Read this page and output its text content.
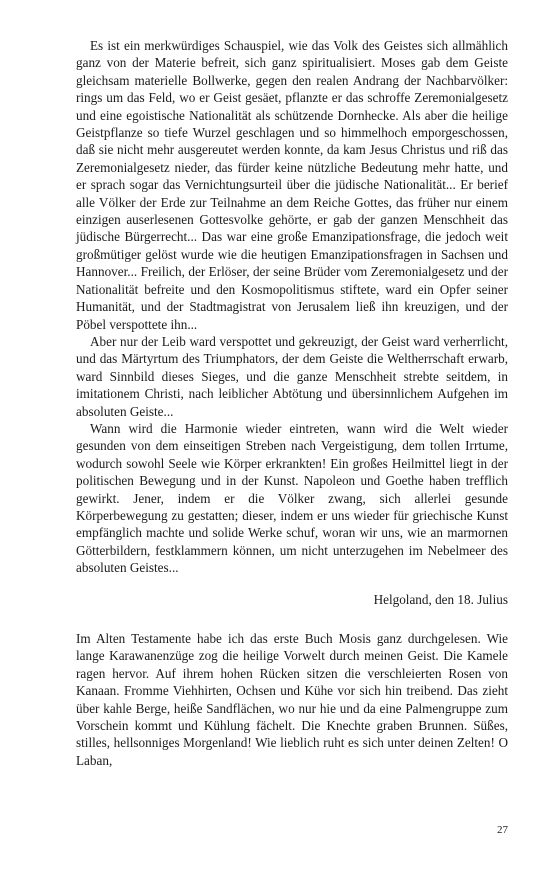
Es ist ein merkwürdiges Schauspiel, wie das Volk des Geistes sich allmählich ganz von der Materie befreit, sich ganz spiritualisiert. Moses gab dem Geiste gleichsam materielle Bollwerke, gegen den realen Andrang der Nachbarvölker: rings um das Feld, wo er Geist gesäet, pflanzte er das schroffe Zeremonialgesetz und eine egoistische Nationalität als schützende Dornhecke. Als aber die heilige Geistpflanze so tiefe Wurzel geschlagen und so himmelhoch emporgeschossen, daß sie nicht mehr ausgereutet werden konnte, da kam Jesus Christus und riß das Zeremonialgesetz nieder, das fürder keine nützliche Bedeutung mehr hatte, und er sprach sogar das Vernichtungsurteil über die jüdische Nationalität... Er berief alle Völker der Erde zur Teilnahme an dem Reiche Gottes, das früher nur einem einzigen auserlesenen Gottesvolke gehörte, er gab der ganzen Menschheit das jüdische Bürgerrecht... Das war eine große Emanzipationsfrage, die jedoch weit großmütiger gelöst wurde wie die heutigen Emanzipationsfragen in Sachsen und Hannover... Freilich, der Erlöser, der seine Brüder vom Zeremonialgesetz und der Nationalität befreite und den Kosmopolitismus stiftete, ward ein Opfer seiner Humanität, und der Stadtmagistrat von Jerusalem ließ ihn kreuzigen, und der Pöbel verspottete ihn...

Aber nur der Leib ward verspottet und gekreuzigt, der Geist ward verherrlicht, und das Märtyrtum des Triumphators, der dem Geiste die Weltherrschaft erwarb, ward Sinnbild dieses Sieges, und die ganze Menschheit strebte seitdem, in imitationem Christi, nach leiblicher Abtötung und übersinnlichem Aufgehen im absoluten Geiste...

Wann wird die Harmonie wieder eintreten, wann wird die Welt wieder gesunden von dem einseitigen Streben nach Vergeistigung, dem tollen Irrtume, wodurch sowohl Seele wie Körper erkrankten! Ein großes Heilmittel liegt in der politischen Bewegung und in der Kunst. Napoleon und Goethe haben trefflich gewirkt. Jener, indem er die Völker zwang, sich allerlei gesunde Körperbewegung zu gestatten; dieser, indem er uns wieder für griechische Kunst empfänglich machte und solide Werke schuf, woran wir uns, wie an marmornen Götterbildern, festklammern können, um nicht unterzugehen im Nebelmeer des absoluten Geistes...

Helgoland, den 18. Julius

Im Alten Testamente habe ich das erste Buch Mosis ganz durchgelesen. Wie lange Karawanenzüge zog die heilige Vorwelt durch meinen Geist. Die Kamele ragen hervor. Auf ihrem hohen Rücken sitzen die verschleierten Rosen von Kanaan. Fromme Viehhirten, Ochsen und Kühe vor sich hin treibend. Das zieht über kahle Berge, heiße Sandflächen, wo nur hie und da eine Palmengruppe zum Vorschein kommt und Kühlung fächelt. Die Knechte graben Brunnen. Süßes, stilles, hellsonniges Morgenland! Wie lieblich ruht es sich unter deinen Zelten! O Laban,

27
